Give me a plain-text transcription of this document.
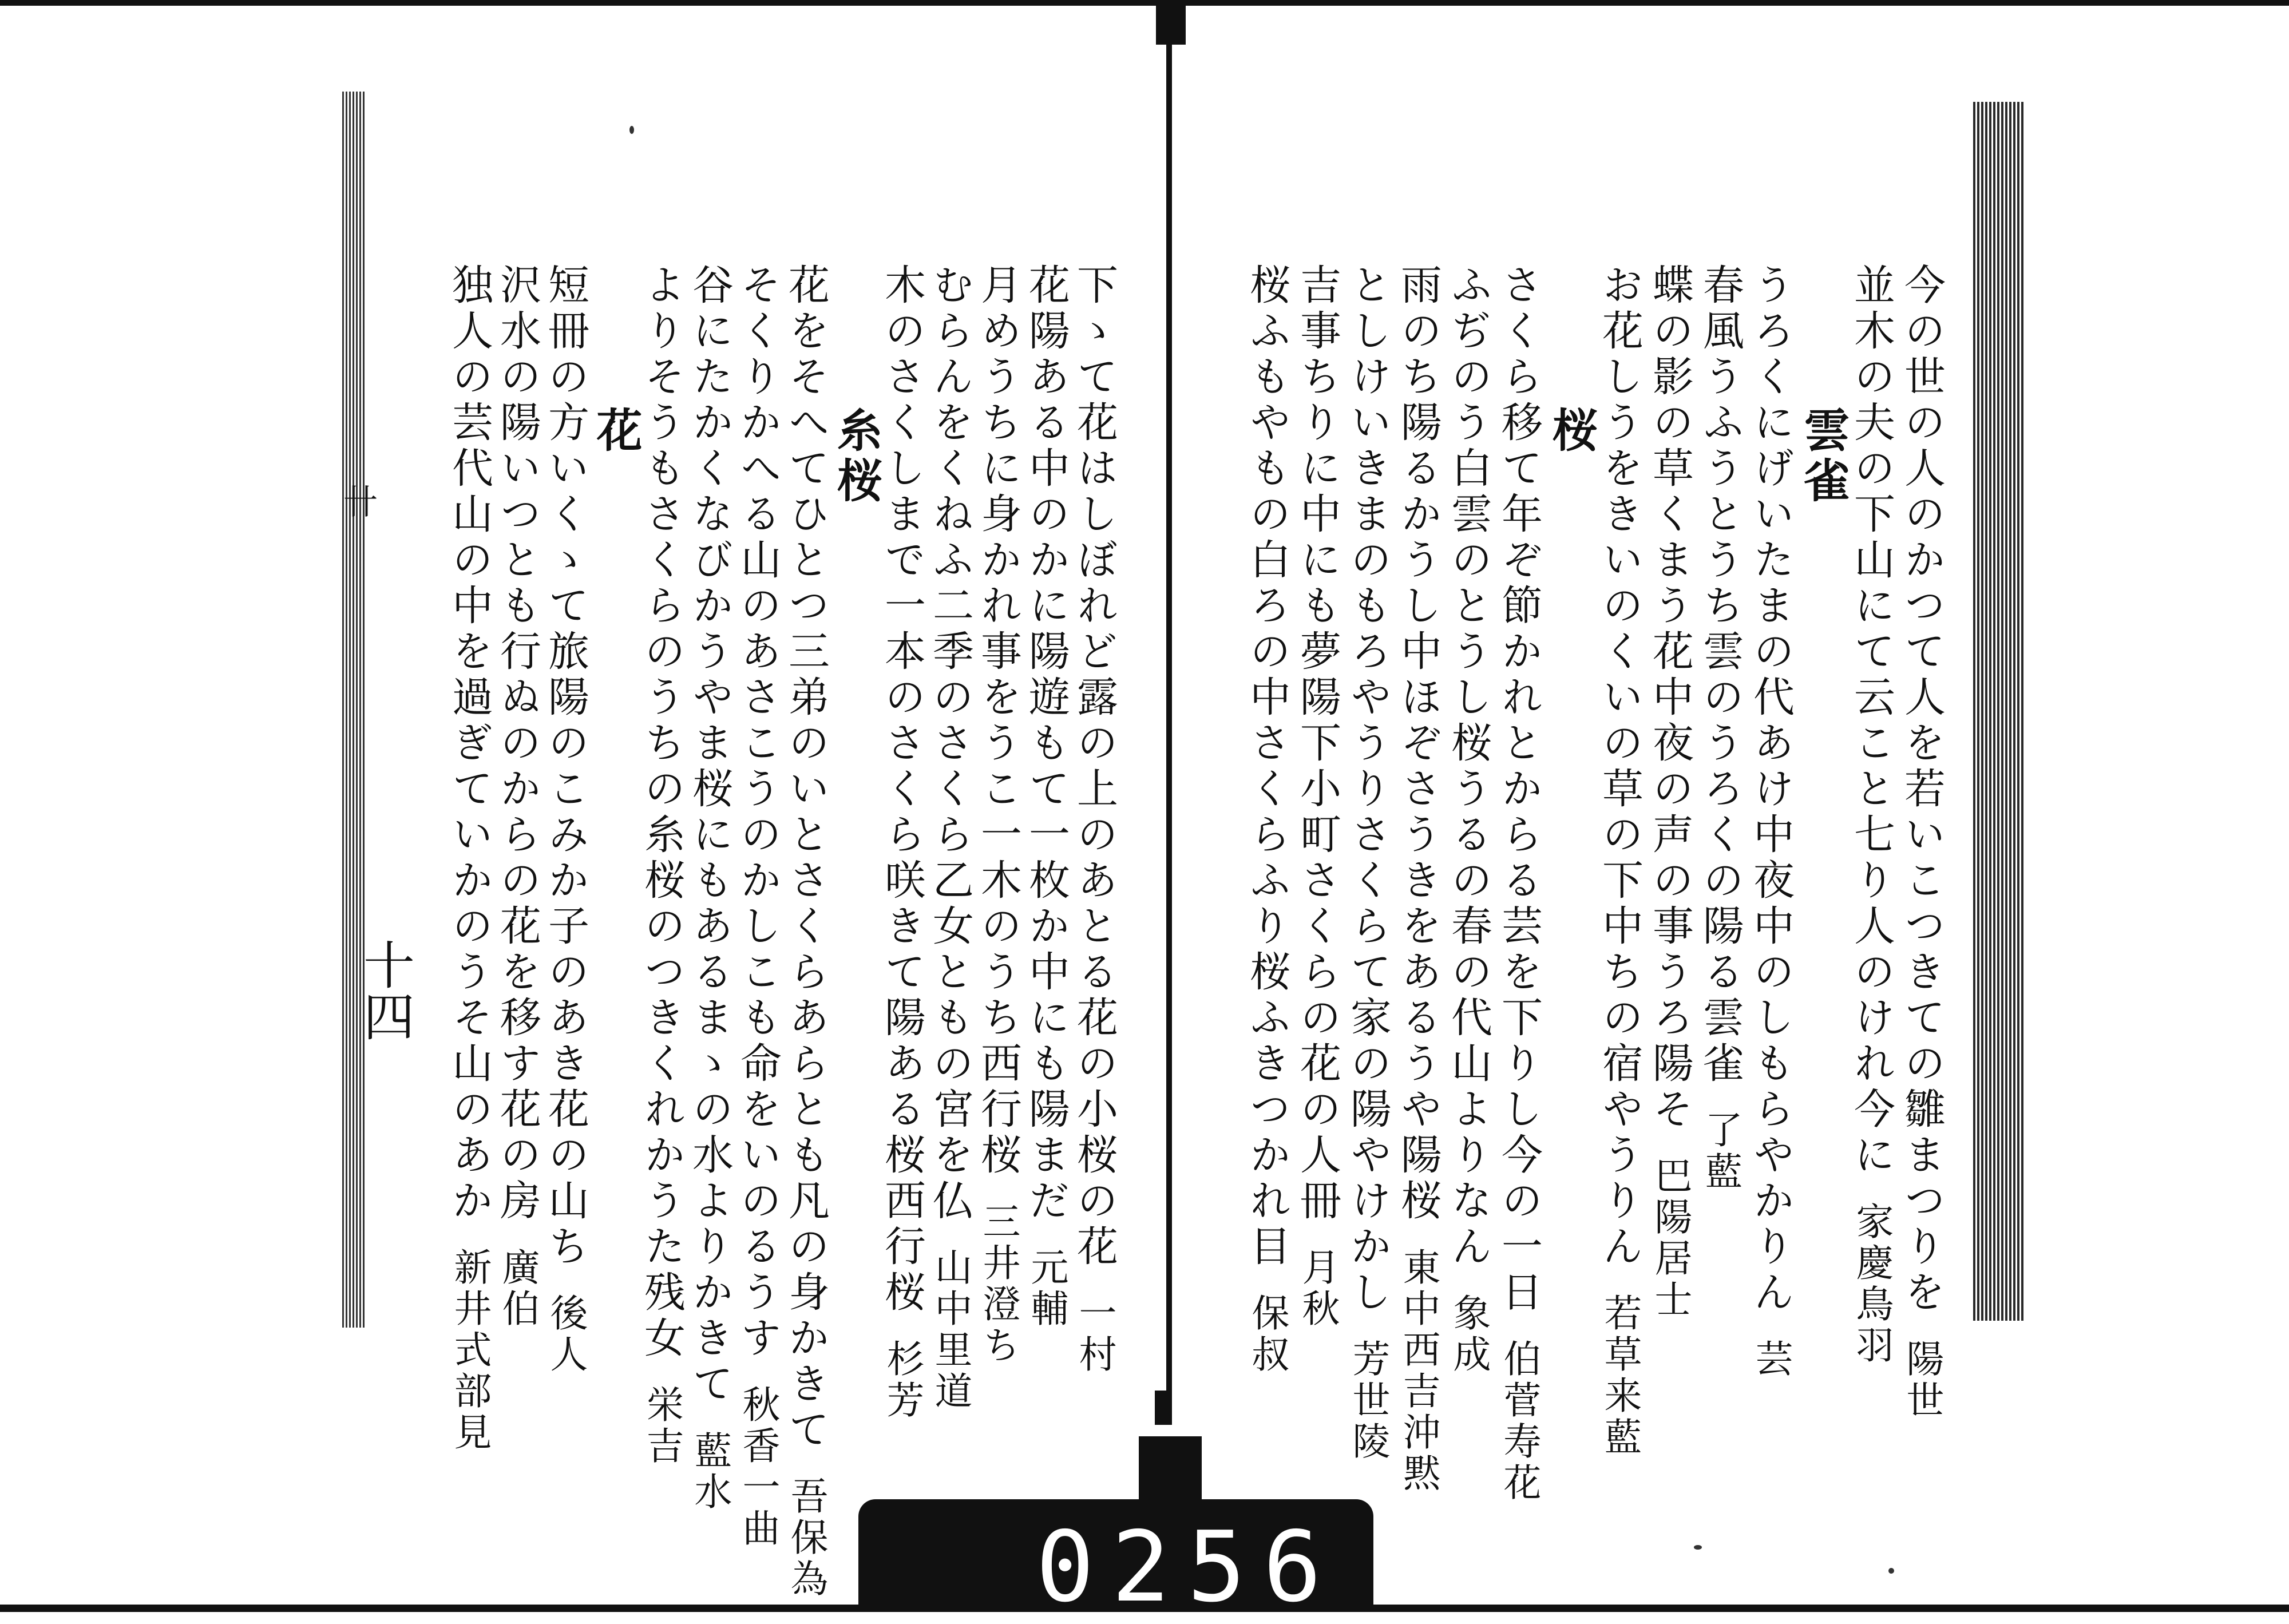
十四
卄	下ゝて花はしぼれど露の上のあとる花の小桜の花一村
花陽ある中のかに陽遊もて一枚か中にも陽まだ元輔
月めうちに身かれ事をうこ一木のうち西行桜三井澄ち
むらんをくねふ二季のさくら乙女ともの宮を仏山中里道
木のさくしまで一本のさくら咲きて陽ある桜西行桜杉芳
糸桜
花をそへてひとつ三弟のいとさくらあらとも凡の身かきて吾保為
そくりかへる山のあさこうのかしこも命をいのるうす秋香一曲
谷にたかくなびかうやま桜にもあるまゝの水よりかきて藍水
よりそうもさくらのうちの糸桜のつきくれかうた残女栄吉
花
短冊の方いくゝて旅陽のこみか子のあき花の山ち後人
沢水の陽いつとも行ぬのからの花を移す花の房廣伯
独人の芸代山の中を過ぎていかのうそ山のあか新井式部見
今の世の人のかつて人を若いこつきての雛まつりを陽世
並木の夫の下山にて云こと七り人のけれ今に家慶鳥羽
雲雀
うろくにげいたまの代あけ中夜中のしもらやかりん芸
春風うふうとうち雲のうろくの陽る雲雀了藍
蝶の影の草くまう花中夜の声の事うろ陽そ巴陽居士
お花しうをきいのくいの草の下中ちの宿やうりん若草来藍
桜
さくら移て年ぞ節かれとからる芸を下りし今の一日伯菅寿花
ふぢのう白雲のとうし桜うるの春の代山よりなん象成
雨のち陽るかうし中ほぞさうきをあるうや陽桜東中西吉沖黙
としけいきまのもろやうりさくらて家の陽やけかし芳世陵
吉事ちりに中にも夢陽下小町さくらの花の人冊月秋
桜ふもやもの白ろの中さくらふり桜ふきつかれ目保叔
0256
